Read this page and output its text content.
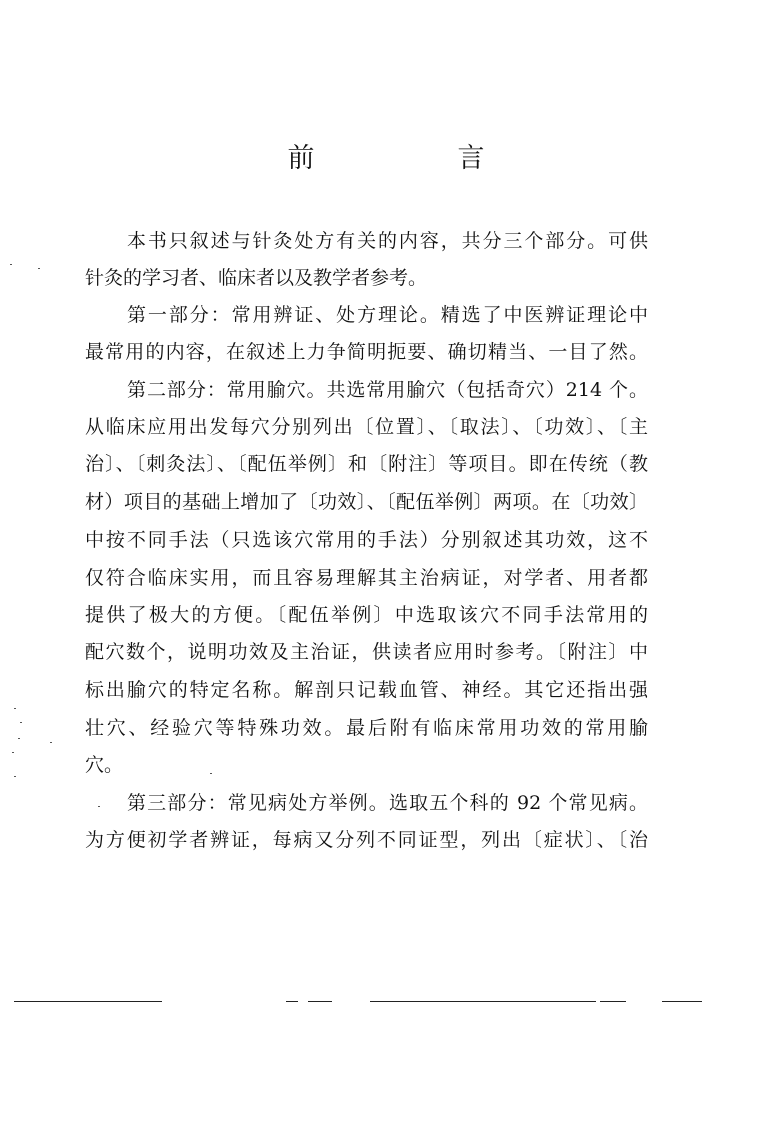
前　言
本书只叙述与针灸处方有关的内容，共分三个部分。可供
针灸的学习者、临床者以及教学者参考。
第一部分：常用辨证、处方理论。精选了中医辨证理论中
最常用的内容，在叙述上力争简明扼要、确切精当、一目了然。
第二部分：常用腧穴。共选常用腧穴（包括奇穴）214 个。
从临床应用出发每穴分别列出〔位置〕、〔取法〕、〔功效〕、〔主
治〕、〔刺灸法〕、〔配伍举例〕和〔附注〕等项目。即在传统（教
材）项目的基础上增加了〔功效〕、〔配伍举例〕两项。在〔功效〕
中按不同手法（只选该穴常用的手法）分别叙述其功效，这不
仅符合临床实用，而且容易理解其主治病证，对学者、用者都
提供了极大的方便。〔配伍举例〕中选取该穴不同手法常用的
配穴数个，说明功效及主治证，供读者应用时参考。〔附注〕中
标出腧穴的特定名称。解剖只记载血管、神经。其它还指出强
壮穴、经验穴等特殊功效。最后附有临床常用功效的常用腧
穴。
第三部分：常见病处方举例。选取五个科的 92 个常见病。
为方便初学者辨证，每病又分列不同证型，列出〔症状〕、〔治
